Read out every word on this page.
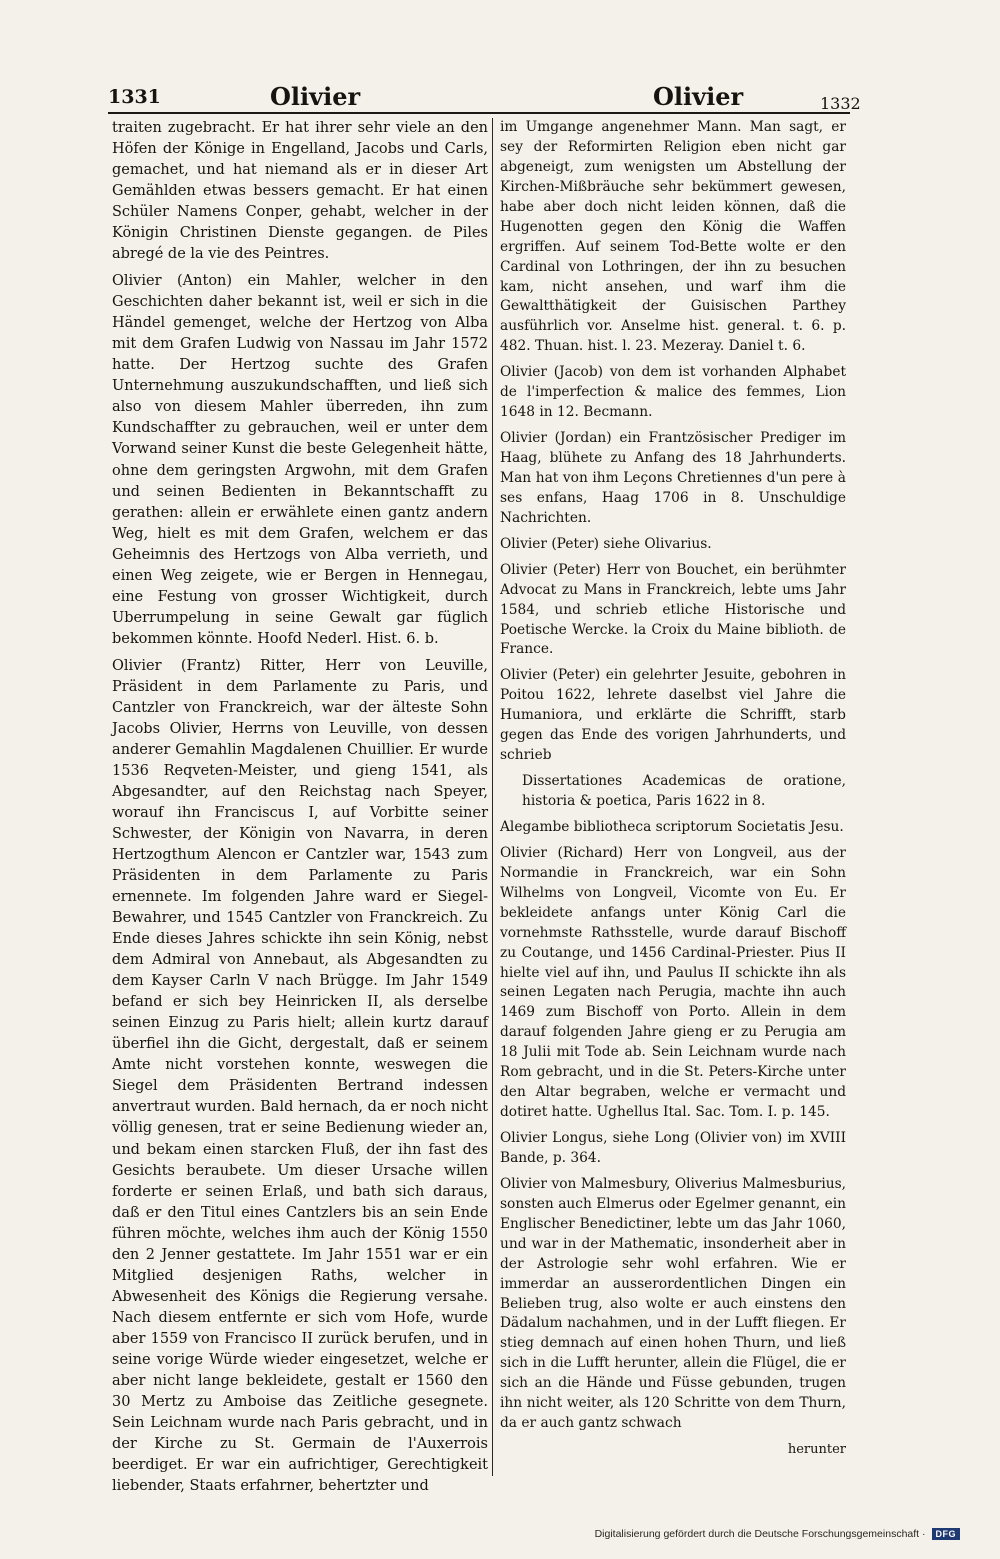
1331	Olivier	Olivier	1332

traiten zugebracht. Er hat ihrer sehr viele an den Höfen der Könige in Engelland, Jacobs und Carls, gemachet, und hat niemand als er in dieser Art Gemählden etwas bessers gemacht. Er hat einen Schüler Namens Conper, gehabt, welcher in der Königin Christinen Dienste gegangen. de Piles abregé de la vie des Peintres.

Olivier (Anton) ein Mahler, welcher in den Geschichten daher bekannt ist, weil er sich in die Händel gemenget, welche der Hertzog von Alba mit dem Grafen Ludwig von Nassau im Jahr 1572 hatte. Der Hertzog suchte des Grafen Unternehmung auszukundschafften, und ließ sich also von diesem Mahler überreden, ihn zum Kundschaffter zu gebrauchen, weil er unter dem Vorwand seiner Kunst die beste Gelegenheit hätte, ohne dem geringsten Argwohn, mit dem Grafen und seinen Bedienten in Bekanntschafft zu gerathen: allein er erwählete einen gantz andern Weg, hielt es mit dem Grafen, welchem er das Geheimnis des Hertzogs von Alba verrieth, und einen Weg zeigete, wie er Bergen in Hennegau, eine Festung von grosser Wichtigkeit, durch Uberrumpelung in seine Gewalt gar füglich bekommen könnte. Hoofd Nederl. Hist. 6. b.

Olivier (Frantz) Ritter, Herr von Leuville, Präsident in dem Parlamente zu Paris, und Cantzler von Franckreich, war der älteste Sohn Jacobs Olivier, Herrns von Leuville, von dessen anderer Gemahlin Magdalenen Chuillier. Er wurde 1536 Reqveten-Meister, und gieng 1541, als Abgesandter, auf den Reichstag nach Speyer, worauf ihn Franciscus I, auf Vorbitte seiner Schwester, der Königin von Navarra, in deren Hertzogthum Alencon er Cantzler war, 1543 zum Präsidenten in dem Parlamente zu Paris ernennete. Im folgenden Jahre ward er Siegel-Bewahrer, und 1545 Cantzler von Franckreich. Zu Ende dieses Jahres schickte ihn sein König, nebst dem Admiral von Annebaut, als Abgesandten zu dem Kayser Carln V nach Brügge. Im Jahr 1549 befand er sich bey Heinricken II, als derselbe seinen Einzug zu Paris hielt; allein kurtz darauf überfiel ihn die Gicht, dergestalt, daß er seinem Amte nicht vorstehen konnte, weswegen die Siegel dem Präsidenten Bertrand indessen anvertraut wurden. Bald hernach, da er noch nicht völlig genesen, trat er seine Bedienung wieder an, und bekam einen starcken Fluß, der ihn fast des Gesichts beraubete. Um dieser Ursache willen forderte er seinen Erlaß, und bath sich daraus, daß er den Titul eines Cantzlers bis an sein Ende führen möchte, welches ihm auch der König 1550 den 2 Jenner gestattete. Im Jahr 1551 war er ein Mitglied desjenigen Raths, welcher in Abwesenheit des Königs die Regierung versahe. Nach diesem entfernte er sich vom Hofe, wurde aber 1559 von Francisco II zurück berufen, und in seine vorige Würde wieder eingesetzet, welche er aber nicht lange bekleidete, gestalt er 1560 den 30 Mertz zu Amboise das Zeitliche gesegnete. Sein Leichnam wurde nach Paris gebracht, und in der Kirche zu St. Germain de l'Auxerrois beerdiget. Er war ein aufrichtiger, Gerechtigkeit liebender, Staats erfahrner, behertzter und

im Umgange angenehmer Mann. Man sagt, er sey der Reformirten Religion eben nicht gar abgeneigt, zum wenigsten um Abstellung der Kirchen-Mißbräuche sehr bekümmert gewesen, habe aber doch nicht leiden können, daß die Hugenotten gegen den König die Waffen ergriffen. Auf seinem Tod-Bette wolte er den Cardinal von Lothringen, der ihn zu besuchen kam, nicht ansehen, und warf ihm die Gewaltthätigkeit der Guisischen Parthey ausführlich vor. Anselme hist. general. t. 6. p. 482. Thuan. hist. l. 23. Mezeray. Daniel t. 6.

Olivier (Jacob) von dem ist vorhanden Alphabet de l'imperfection & malice des femmes, Lion 1648 in 12. Becmann.

Olivier (Jordan) ein Frantzösischer Prediger im Haag, blühete zu Anfang des 18 Jahrhunderts. Man hat von ihm Leçons Chretiennes d'un pere à ses enfans, Haag 1706 in 8. Unschuldige Nachrichten.

Olivier (Peter) siehe Olivarius.

Olivier (Peter) Herr von Bouchet, ein berühmter Advocat zu Mans in Franckreich, lebte ums Jahr 1584, und schrieb etliche Historische und Poetische Wercke. la Croix du Maine biblioth. de France.

Olivier (Peter) ein gelehrter Jesuite, gebohren in Poitou 1622, lehrete daselbst viel Jahre die Humaniora, und erklärte die Schrifft, starb gegen das Ende des vorigen Jahrhunderts, und schrieb

Dissertationes Academicas de oratione, historia & poetica, Paris 1622 in 8.

Alegambe bibliotheca scriptorum Societatis Jesu.

Olivier (Richard) Herr von Longveil, aus der Normandie in Franckreich, war ein Sohn Wilhelms von Longveil, Vicomte von Eu. Er bekleidete anfangs unter König Carl die vornehmste Rathsstelle, wurde darauf Bischoff zu Coutange, und 1456 Cardinal-Priester. Pius II hielte viel auf ihn, und Paulus II schickte ihn als seinen Legaten nach Perugia, machte ihn auch 1469 zum Bischoff von Porto. Allein in dem darauf folgenden Jahre gieng er zu Perugia am 18 Julii mit Tode ab. Sein Leichnam wurde nach Rom gebracht, und in die St. Peters-Kirche unter den Altar begraben, welche er vermacht und dotiret hatte. Ughellus Ital. Sac. Tom. I. p. 145.

Olivier Longus, siehe Long (Olivier von) im XVIII Bande, p. 364.

Olivier von Malmesbury, Oliverius Malmesburius, sonsten auch Elmerus oder Egelmer genannt, ein Englischer Benedictiner, lebte um das Jahr 1060, und war in der Mathematic, insonderheit aber in der Astrologie sehr wohl erfahren. Wie er immerdar an ausserordentlichen Dingen ein Belieben trug, also wolte er auch einstens den Dädalum nachahmen, und in der Lufft fliegen. Er stieg demnach auf einen hohen Thurn, und ließ sich in die Lufft herunter, allein die Flügel, die er sich an die Hände und Füsse gebunden, trugen ihn nicht weiter, als 120 Schritte von dem Thurn, da er auch gantz schwach

herunter

Digitalisierung gefördert durch die Deutsche Forschungsgemeinschaft ·	DFG
